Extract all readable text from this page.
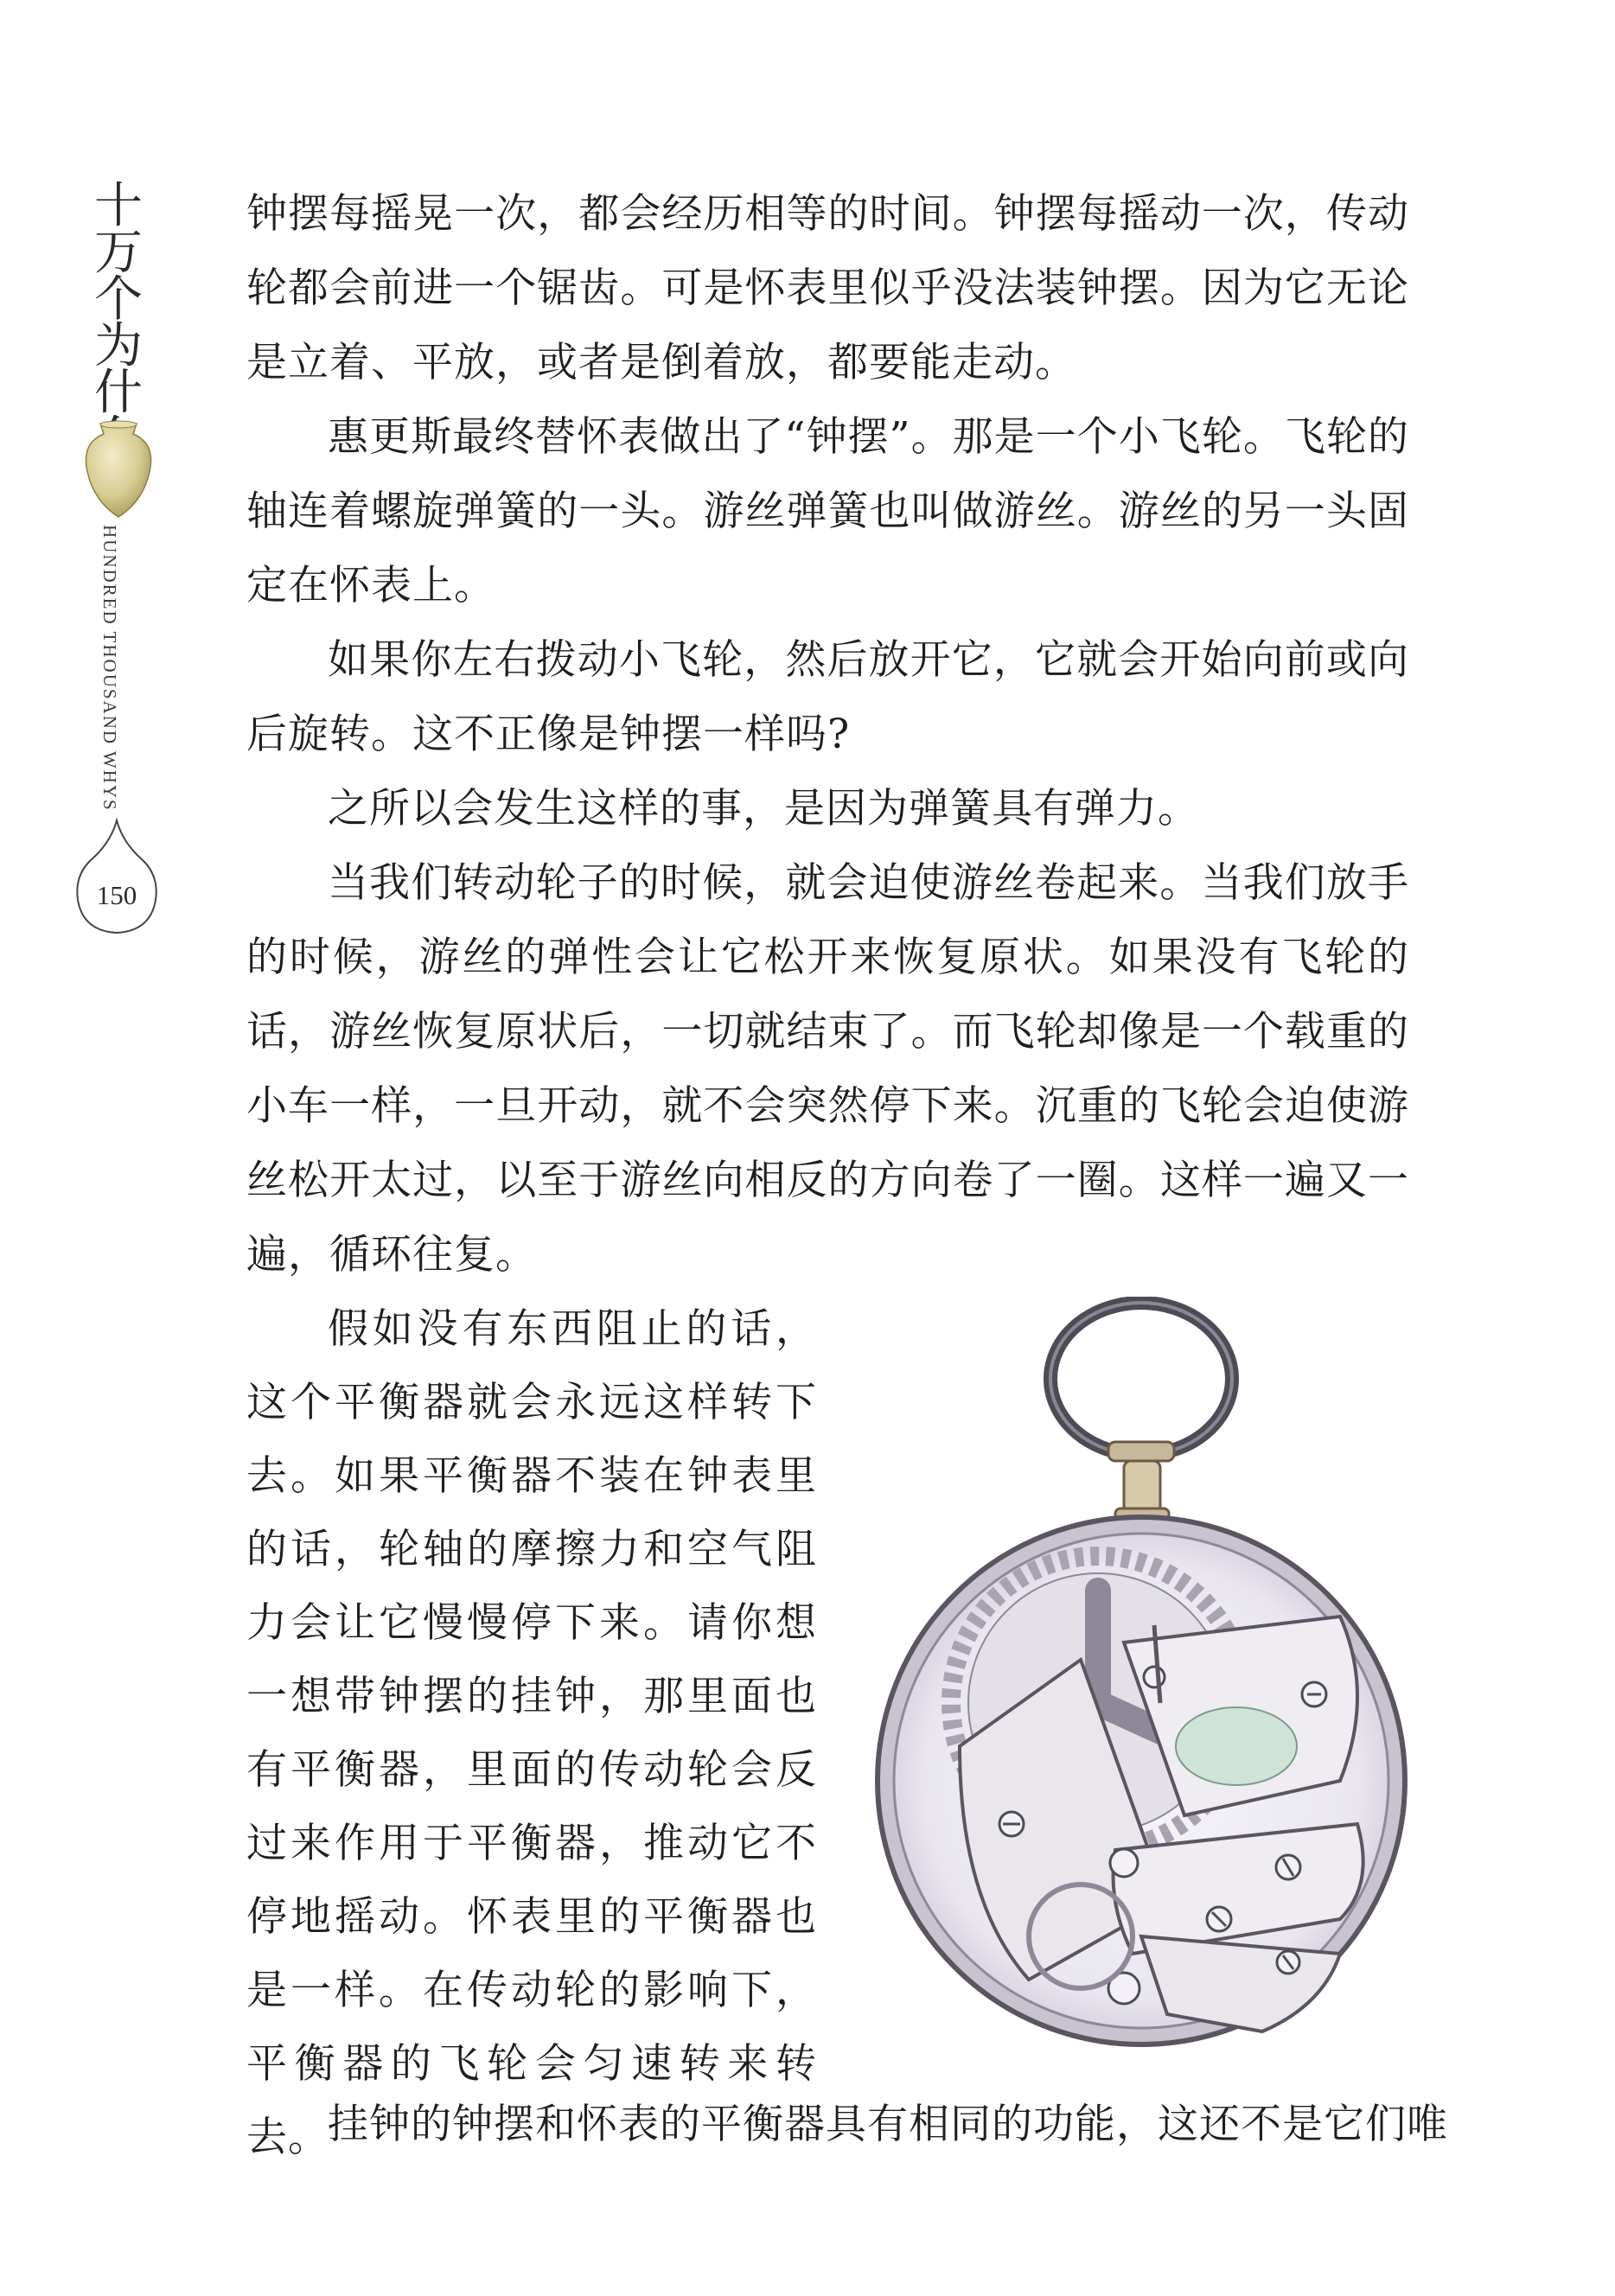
十
万
个
为
什

HUNDRED THOUSAND WHYS
150

钟摆每摇晃一次，都会经历相等的时间。钟摆每摇动一次，传动轮都会前进一个锯齿。可是怀表里似乎没法装钟摆。因为它无论是立着、平放，或者是倒着放，都要能走动。

惠更斯最终替怀表做出了“钟摆”。那是一个小飞轮。飞轮的轴连着螺旋弹簧的一头。游丝弹簧也叫做游丝。游丝的另一头固定在怀表上。

如果你左右拨动小飞轮，然后放开它，它就会开始向前或向后旋转。这不正像是钟摆一样吗?

之所以会发生这样的事，是因为弹簧具有弹力。

当我们转动轮子的时候，就会迫使游丝卷起来。当我们放手的时候，游丝的弹性会让它松开来恢复原状。如果没有飞轮的话，游丝恢复原状后，一切就结束了。而飞轮却像是一个载重的小车一样，一旦开动，就不会突然停下来。沉重的飞轮会迫使游丝松开太过，以至于游丝向相反的方向卷了一圈。这样一遍又一遍，循环往复。

假如没有东西阻止的话，这个平衡器就会永远这样转下去。如果平衡器不装在钟表里的话，轮轴的摩擦力和空气阻力会让它慢慢停下来。请你想一想带钟摆的挂钟，那里面也有平衡器，里面的传动轮会反过来作用于平衡器，推动它不停地摇动。怀表里的平衡器也是一样。在传动轮的影响下，平衡器的飞轮会匀速转来转去。

挂钟的钟摆和怀表的平衡器具有相同的功能，这还不是它们唯
